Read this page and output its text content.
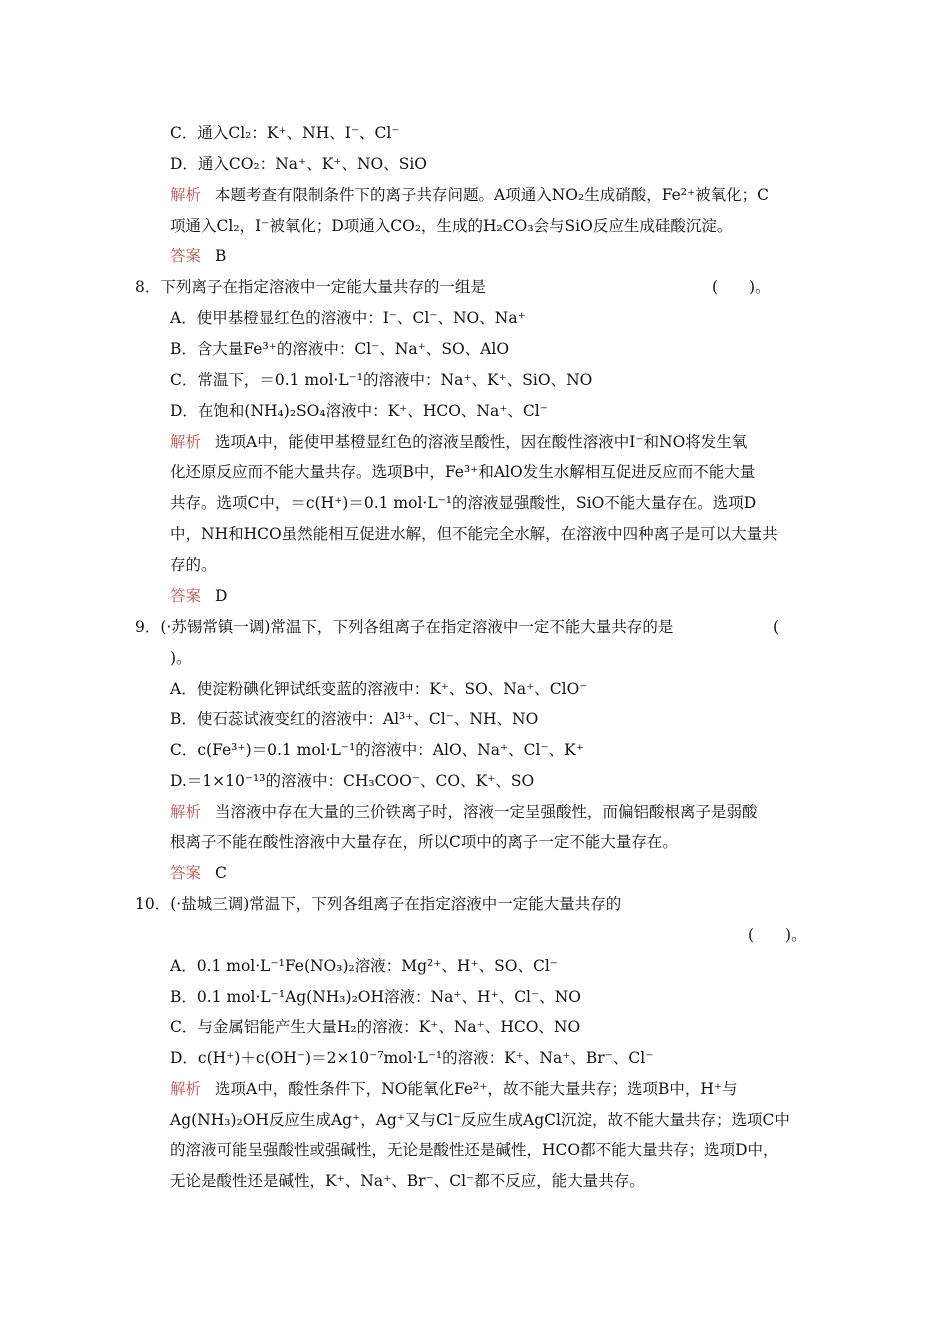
C．通入Cl₂：K⁺、NH、I⁻、Cl⁻
D．通入CO₂：Na⁺、K⁺、NO、SiO
解析 本题考查有限制条件下的离子共存问题。A项通入NO₂生成硝酸，Fe²⁺被氧化；C
项通入Cl₂，I⁻被氧化；D项通入CO₂，生成的H₂CO₃会与SiO反应生成硅酸沉淀。
答案 B
8．下列离子在指定溶液中一定能大量共存的一组是	(　　)。
A．使甲基橙显红色的溶液中：I⁻、Cl⁻、NO、Na⁺
B．含大量Fe³⁺的溶液中：Cl⁻、Na⁺、SO、AlO
C．常温下，＝0.1 mol·L⁻¹的溶液中：Na⁺、K⁺、SiO、NO
D．在饱和(NH₄)₂SO₄溶液中：K⁺、HCO、Na⁺、Cl⁻
解析 选项A中，能使甲基橙显红色的溶液呈酸性，因在酸性溶液中I⁻和NO将发生氧
化还原反应而不能大量共存。选项B中，Fe³⁺和AlO发生水解相互促进反应而不能大量
共存。选项C中，＝c(H⁺)＝0.1 mol·L⁻¹的溶液显强酸性，SiO不能大量存在。选项D
中，NH和HCO虽然能相互促进水解，但不能完全水解，在溶液中四种离子是可以大量共
存的。
答案 D
9．(·苏锡常镇一调)常温下，下列各组离子在指定溶液中一定不能大量共存的是	(
)。
A．使淀粉碘化钾试纸变蓝的溶液中：K⁺、SO、Na⁺、ClO⁻
B．使石蕊试液变红的溶液中：Al³⁺、Cl⁻、NH、NO
C．c(Fe³⁺)＝0.1 mol·L⁻¹的溶液中：AlO、Na⁺、Cl⁻、K⁺
D.＝1×10⁻¹³的溶液中：CH₃COO⁻、CO、K⁺、SO
解析 当溶液中存在大量的三价铁离子时，溶液一定呈强酸性，而偏铝酸根离子是弱酸
根离子不能在酸性溶液中大量存在，所以C项中的离子一定不能大量存在。
答案 C
10．(·盐城三调)常温下，下列各组离子在指定溶液中一定能大量共存的
(　　)。
A．0.1 mol·L⁻¹Fe(NO₃)₂溶液：Mg²⁺、H⁺、SO、Cl⁻
B．0.1 mol·L⁻¹Ag(NH₃)₂OH溶液：Na⁺、H⁺、Cl⁻、NO
C．与金属铝能产生大量H₂的溶液：K⁺、Na⁺、HCO、NO
D．c(H⁺)＋c(OH⁻)＝2×10⁻⁷mol·L⁻¹的溶液：K⁺、Na⁺、Br⁻、Cl⁻
解析 选项A中，酸性条件下，NO能氧化Fe²⁺，故不能大量共存；选项B中，H⁺与
Ag(NH₃)₂OH反应生成Ag⁺，Ag⁺又与Cl⁻反应生成AgCl沉淀，故不能大量共存；选项C中
的溶液可能呈强酸性或强碱性，无论是酸性还是碱性，HCO都不能大量共存；选项D中，
无论是酸性还是碱性，K⁺、Na⁺、Br⁻、Cl⁻都不反应，能大量共存。
